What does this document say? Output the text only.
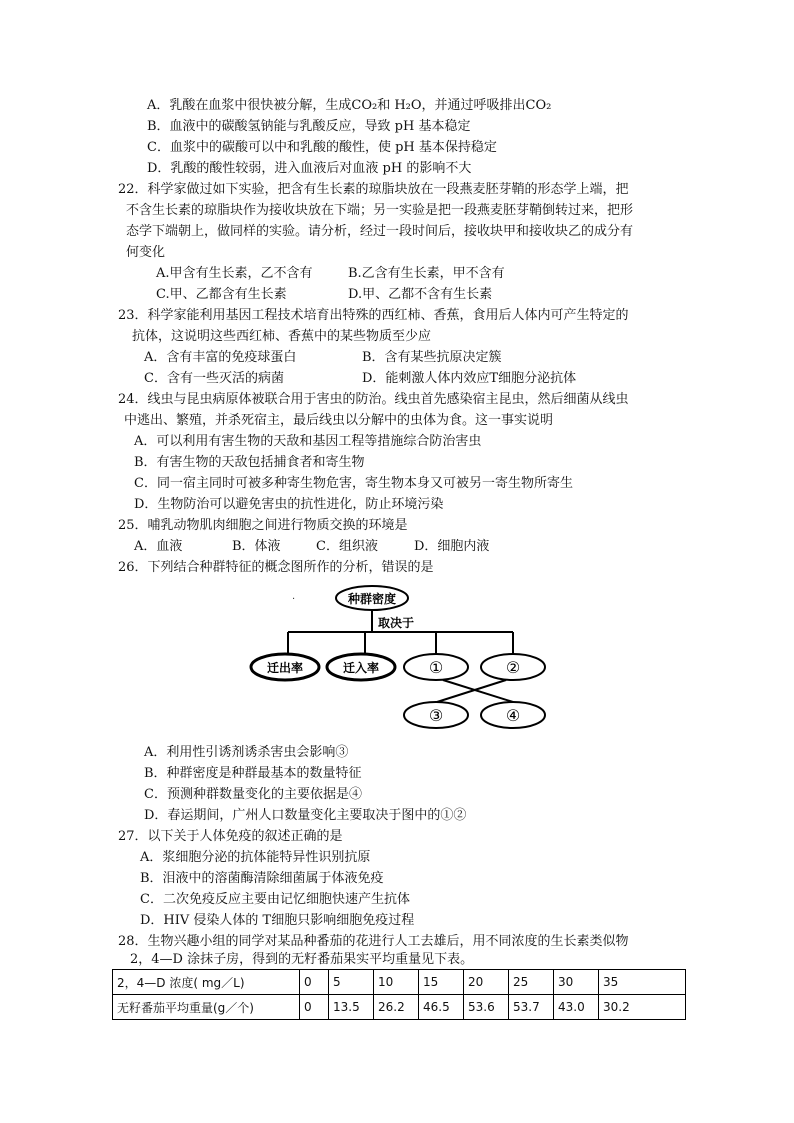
A．乳酸在血浆中很快被分解，生成CO₂和 H₂O，并通过呼吸排出CO₂
B．血液中的碳酸氢钠能与乳酸反应，导致 pH 基本稳定
C．血浆中的碳酸可以中和乳酸的酸性，使 pH 基本保持稳定
D．乳酸的酸性较弱，进入血液后对血液 pH 的影响不大
22．科学家做过如下实验，把含有生长素的琼脂块放在一段燕麦胚芽鞘的形态学上端，把
不含生长素的琼脂块作为接收块放在下端；另一实验是把一段燕麦胚芽鞘倒转过来，把形
态学下端朝上，做同样的实验。请分析，经过一段时间后，接收块甲和接收块乙的成分有
何变化
A.甲含有生长素，乙不含有	B.乙含有生长素，甲不含有
C.甲、乙都含有生长素	D.甲、乙都不含有生长素
23．科学家能利用基因工程技术培育出特殊的西红柿、香蕉，食用后人体内可产生特定的
抗体，这说明这些西红柿、香蕉中的某些物质至少应
A．含有丰富的免疫球蛋白	B．含有某些抗原决定簇
C．含有一些灭活的病菌	D．能刺激人体内效应T细胞分泌抗体
24．线虫与昆虫病原体被联合用于害虫的防治。线虫首先感染宿主昆虫，然后细菌从线虫
中逃出、繁殖，并杀死宿主，最后线虫以分解中的虫体为食。这一事实说明
A．可以利用有害生物的天敌和基因工程等措施综合防治害虫
B．有害生物的天敌包括捕食者和寄生物
C．同一宿主同时可被多种寄生物危害，寄生物本身又可被另一寄生物所寄生
D．生物防治可以避免害虫的抗性进化，防止环境污染
25．哺乳动物肌肉细胞之间进行物质交换的环境是
A．血液	B．体液	C．组织液	D．细胞内液
26．下列结合种群特征的概念图所作的分析，错误的是
·	种群密度
取决于
迁出率	迁入率	①	②
③	④
A．利用性引诱剂诱杀害虫会影响③
B．种群密度是种群最基本的数量特征
C．预测种群数量变化的主要依据是④
D．春运期间，广州人口数量变化主要取决于图中的①②
27．以下关于人体免疫的叙述正确的是
A．浆细胞分泌的抗体能特异性识别抗原
B．泪液中的溶菌酶清除细菌属于体液免疫
C．二次免疫反应主要由记忆细胞快速产生抗体
D．HIV 侵染人体的 T细胞只影响细胞免疫过程
28．生物兴趣小组的同学对某品种番茄的花进行人工去雄后，用不同浓度的生长素类似物
2，4—D 涂抹子房，得到的无籽番茄果实平均重量见下表。
2，4—D 浓度( mg／L)	0	5	10	15	20	25	30	35
无籽番茄平均重量(g／个)	0	13.5	26.2	46.5	53.6	53.7	43.0	30.2
